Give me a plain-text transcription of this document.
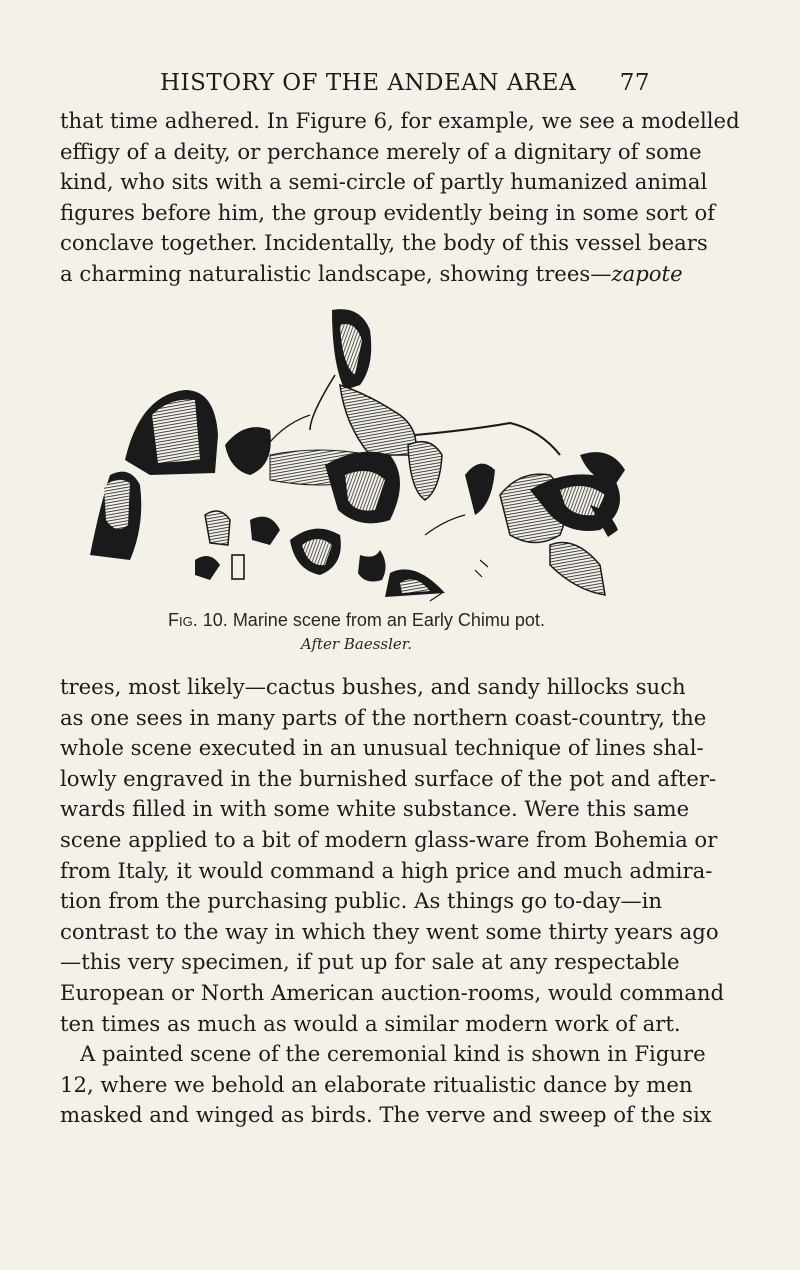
HISTORY OF THE ANDEAN AREA 77
that time adhered. In Figure 6, for example, we see a modelled
effigy of a deity, or perchance merely of a dignitary of some
kind, who sits with a semi-circle of partly humanized animal
figures before him, the group evidently being in some sort of
conclave together. Incidentally, the body of this vessel bears
a charming naturalistic landscape, showing trees—zapote
Fig. 10. Marine scene from an Early Chimu pot.
After Baessler.
trees, most likely—cactus bushes, and sandy hillocks such
as one sees in many parts of the northern coast-country, the
whole scene executed in an unusual technique of lines shal-
lowly engraved in the burnished surface of the pot and after-
wards filled in with some white substance. Were this same
scene applied to a bit of modern glass-ware from Bohemia or
from Italy, it would command a high price and much admira-
tion from the purchasing public. As things go to-day—in
contrast to the way in which they went some thirty years ago
—this very specimen, if put up for sale at any respectable
European or North American auction-rooms, would command
ten times as much as would a similar modern work of art.
A painted scene of the ceremonial kind is shown in Figure
12, where we behold an elaborate ritualistic dance by men
masked and winged as birds. The verve and sweep of the six
